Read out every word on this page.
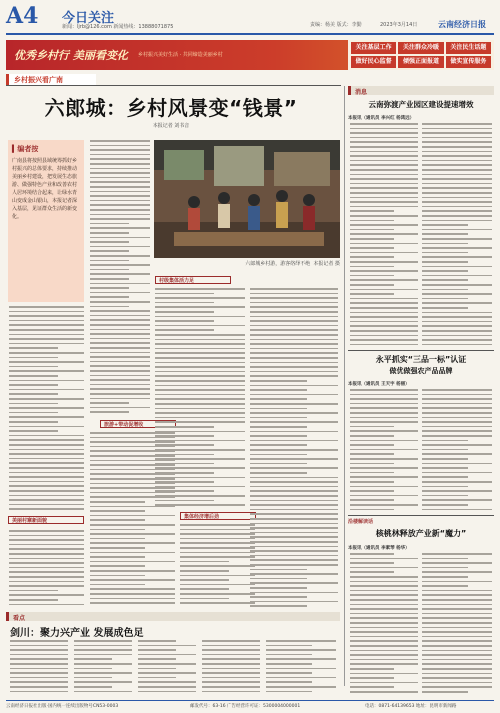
A4 今日关注
新闻：ljrb@126.com 新闻热线：13888071875	责编：杨美 版式：李勤	2023年3月14日	云南经济日报
优秀乡村行 美丽看变化 乡村振兴美好生活 · 共同缔造美丽乡村
关注基层工作	关注群众冷暖	关注民生话题
做好民心监督	倾强正面报道	做实宣传服务
乡村振兴看广南
六郎城：乡村风景变“钱景”
本报记者 刘书音
▍编者按
广南县将按照县域统筹抓好乡村振兴的总体要求，持续推动美丽乡村建设，把发展生态旅游、做强特色产业和改善农村人居环境结合起来，让绿水青山变成金山银山，本报记者深入基层，见证群众生活的新变化。
六郎城乡村游，游客络绎不绝 本报记者 摄
村级集体活力足
旅游+带动促增收
集体经济增后劲
美丽村寨新面貌
消息
云南弥渡产业园区建设提速增效
本报讯（通讯员 李兴红 杨鸿远）
永平抓实“三品一标”认证
做优做强农产品品牌
本报讯（通讯员 王天宇 杨丽）
沿楼解读话
核桃林释放产业新“魔力”
本报讯（通讯员 李素琴 杨华）
看点
剑川：聚力兴产业 发展成色足
云南经济日报社出版·国内统一连续出版物号CN53-0003	邮发代号：63-16 广告经营许可证：5300004000001	电话：0871-64139653 地址：昆明市新闻路
